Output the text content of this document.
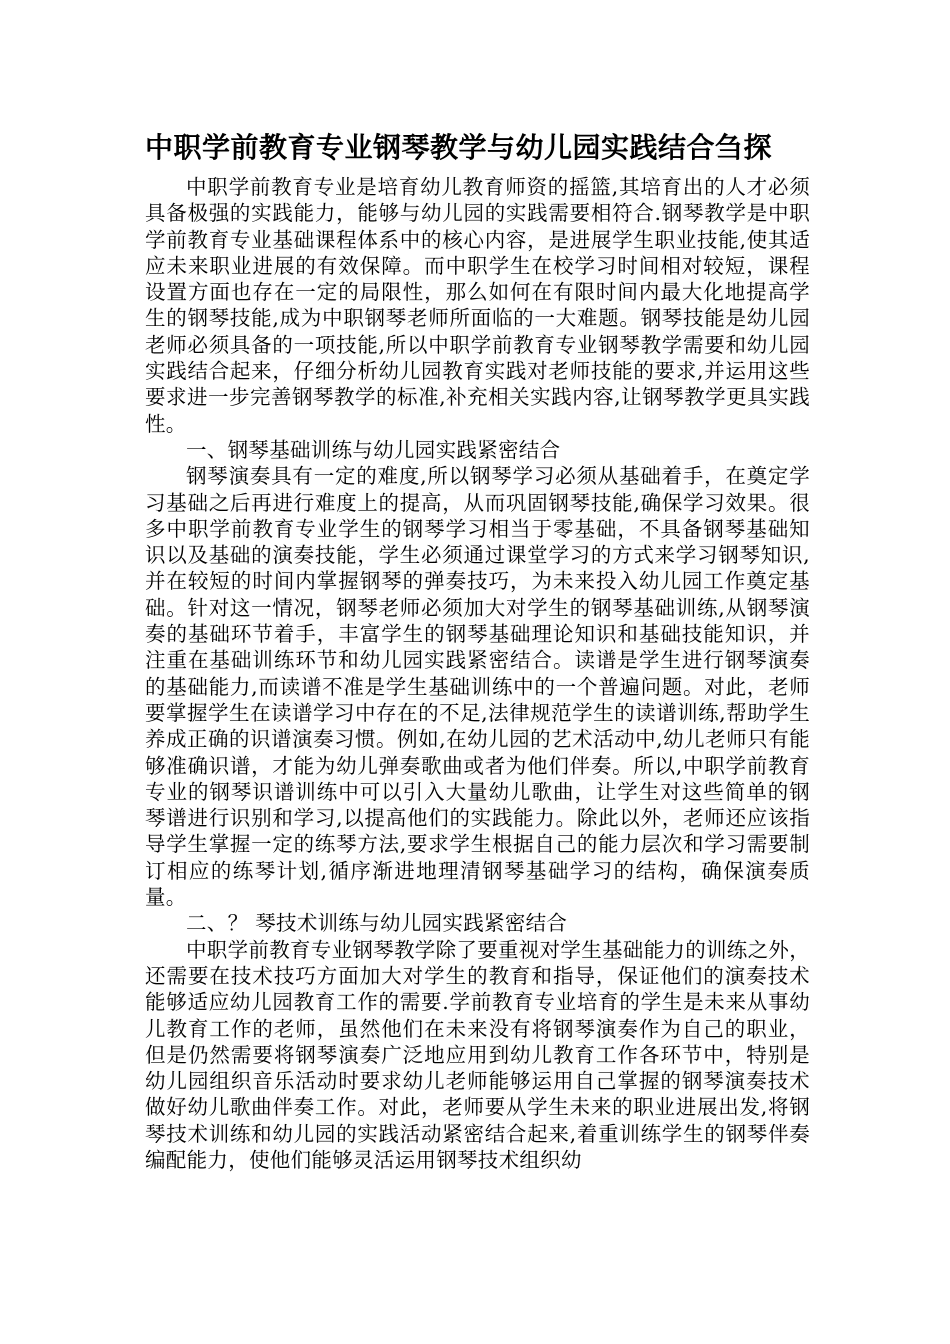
中职学前教育专业钢琴教学与幼儿园实践结合刍探

中职学前教育专业是培育幼儿教育师资的摇篮,其培育出的人才必须具备极强的实践能力，能够与幼儿园的实践需要相符合.钢琴教学是中职学前教育专业基础课程体系中的核心内容，是进展学生职业技能,使其适应未来职业进展的有效保障。而中职学生在校学习时间相对较短，课程设置方面也存在一定的局限性，那么如何在有限时间内最大化地提高学生的钢琴技能,成为中职钢琴老师所面临的一大难题。钢琴技能是幼儿园老师必须具备的一项技能,所以中职学前教育专业钢琴教学需要和幼儿园实践结合起来，仔细分析幼儿园教育实践对老师技能的要求,并运用这些要求进一步完善钢琴教学的标准,补充相关实践内容,让钢琴教学更具实践性。

一、钢琴基础训练与幼儿园实践紧密结合

钢琴演奏具有一定的难度,所以钢琴学习必须从基础着手，在奠定学习基础之后再进行难度上的提高，从而巩固钢琴技能,确保学习效果。很多中职学前教育专业学生的钢琴学习相当于零基础，不具备钢琴基础知识以及基础的演奏技能，学生必须通过课堂学习的方式来学习钢琴知识,并在较短的时间内掌握钢琴的弹奏技巧，为未来投入幼儿园工作奠定基础。针对这一情况，钢琴老师必须加大对学生的钢琴基础训练,从钢琴演奏的基础环节着手，丰富学生的钢琴基础理论知识和基础技能知识，并注重在基础训练环节和幼儿园实践紧密结合。读谱是学生进行钢琴演奏的基础能力,而读谱不准是学生基础训练中的一个普遍问题。对此，老师要掌握学生在读谱学习中存在的不足,法律规范学生的读谱训练,帮助学生养成正确的识谱演奏习惯。例如,在幼儿园的艺术活动中,幼儿老师只有能够准确识谱，才能为幼儿弹奏歌曲或者为他们伴奏。所以,中职学前教育专业的钢琴识谱训练中可以引入大量幼儿歌曲，让学生对这些简单的钢琴谱进行识别和学习,以提高他们的实践能力。除此以外，老师还应该指导学生掌握一定的练琴方法,要求学生根据自己的能力层次和学习需要制订相应的练琴计划,循序渐进地理清钢琴基础学习的结构，确保演奏质量。

二、？ 琴技术训练与幼儿园实践紧密结合

中职学前教育专业钢琴教学除了要重视对学生基础能力的训练之外，还需要在技术技巧方面加大对学生的教育和指导，保证他们的演奏技术能够适应幼儿园教育工作的需要.学前教育专业培育的学生是未来从事幼儿教育工作的老师，虽然他们在未来没有将钢琴演奏作为自己的职业，但是仍然需要将钢琴演奏广泛地应用到幼儿教育工作各环节中，特别是幼儿园组织音乐活动时要求幼儿老师能够运用自己掌握的钢琴演奏技术做好幼儿歌曲伴奏工作。对此，老师要从学生未来的职业进展出发,将钢琴技术训练和幼儿园的实践活动紧密结合起来,着重训练学生的钢琴伴奏编配能力，使他们能够灵活运用钢琴技术组织幼
